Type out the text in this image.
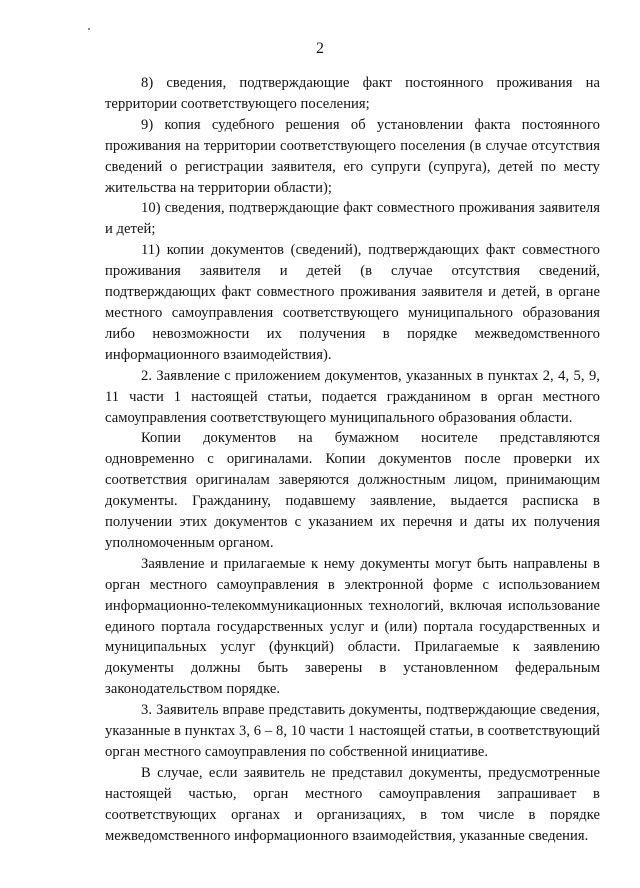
2

8) сведения, подтверждающие факт постоянного проживания на территории соответствующего поселения;

9) копия судебного решения об установлении факта постоянного проживания на территории соответствующего поселения (в случае отсутствия сведений о регистрации заявителя, его супруги (супруга), детей по месту жительства на территории области);

10) сведения, подтверждающие факт совместного проживания заявителя и детей;

11) копии документов (сведений), подтверждающих факт совместного проживания заявителя и детей (в случае отсутствия сведений, подтверждающих факт совместного проживания заявителя и детей, в органе местного самоуправления соответствующего муниципального образования либо невозможности их получения в порядке межведомственного информационного взаимодействия).

2. Заявление с приложением документов, указанных в пунктах 2, 4, 5, 9, 11 части 1 настоящей статьи, подается гражданином в орган местного самоуправления соответствующего муниципального образования области.

Копии документов на бумажном носителе представляются одновременно с оригиналами. Копии документов после проверки их соответствия оригиналам заверяются должностным лицом, принимающим документы. Гражданину, подавшему заявление, выдается расписка в получении этих документов с указанием их перечня и даты их получения уполномоченным органом.

Заявление и прилагаемые к нему документы могут быть направлены в орган местного самоуправления в электронной форме с использованием информационно-телекоммуникационных технологий, включая использование единого портала государственных услуг и (или) портала государственных и муниципальных услуг (функций) области. Прилагаемые к заявлению документы должны быть заверены в установленном федеральным законодательством порядке.

3. Заявитель вправе представить документы, подтверждающие сведения, указанные в пунктах 3, 6 – 8, 10 части 1 настоящей статьи, в соответствующий орган местного самоуправления по собственной инициативе.

В случае, если заявитель не представил документы, предусмотренные настоящей частью, орган местного самоуправления запрашивает в соответствующих органах и организациях, в том числе в порядке межведомственного информационного взаимодействия, указанные сведения.
